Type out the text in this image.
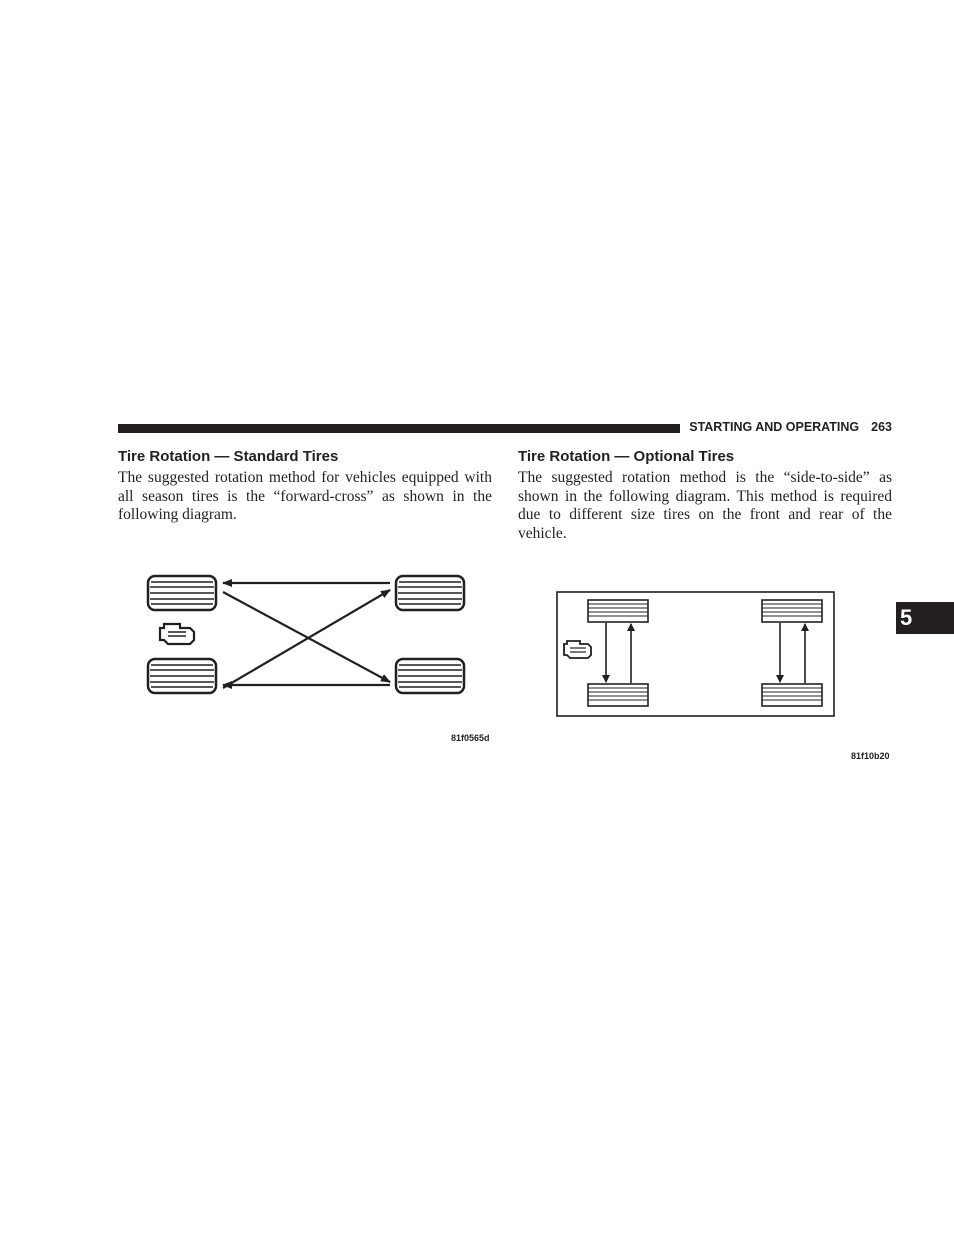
STARTING AND OPERATING 263
Tire Rotation — Standard Tires

The suggested rotation method for vehicles equipped with all season tires is the “forward-cross” as shown in the following diagram.

Tire Rotation — Optional Tires

The suggested rotation method is the “side-to-side” as shown in the following diagram. This method is required due to different size tires on the front and rear of the vehicle.

81f0565d
81f10b20
5
